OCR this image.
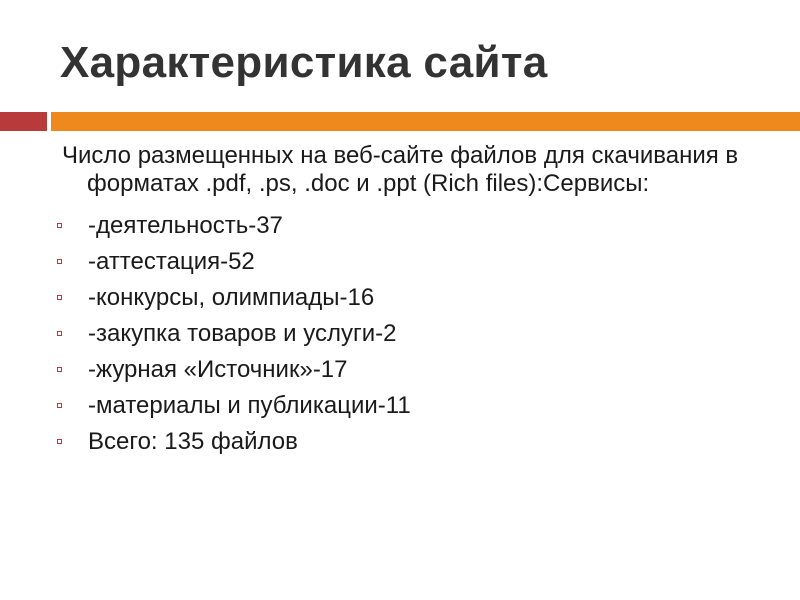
Характеристика сайта

Число размещенных на веб-сайте файлов для скачивания в форматах .pdf, .ps, .doc и .ppt (Rich files):Сервисы:

-деятельность-37
-аттестация-52
-конкурсы, олимпиады-16
-закупка товаров и услуги-2
-журная «Источник»-17
-материалы и публикации-11
Всего: 135 файлов
